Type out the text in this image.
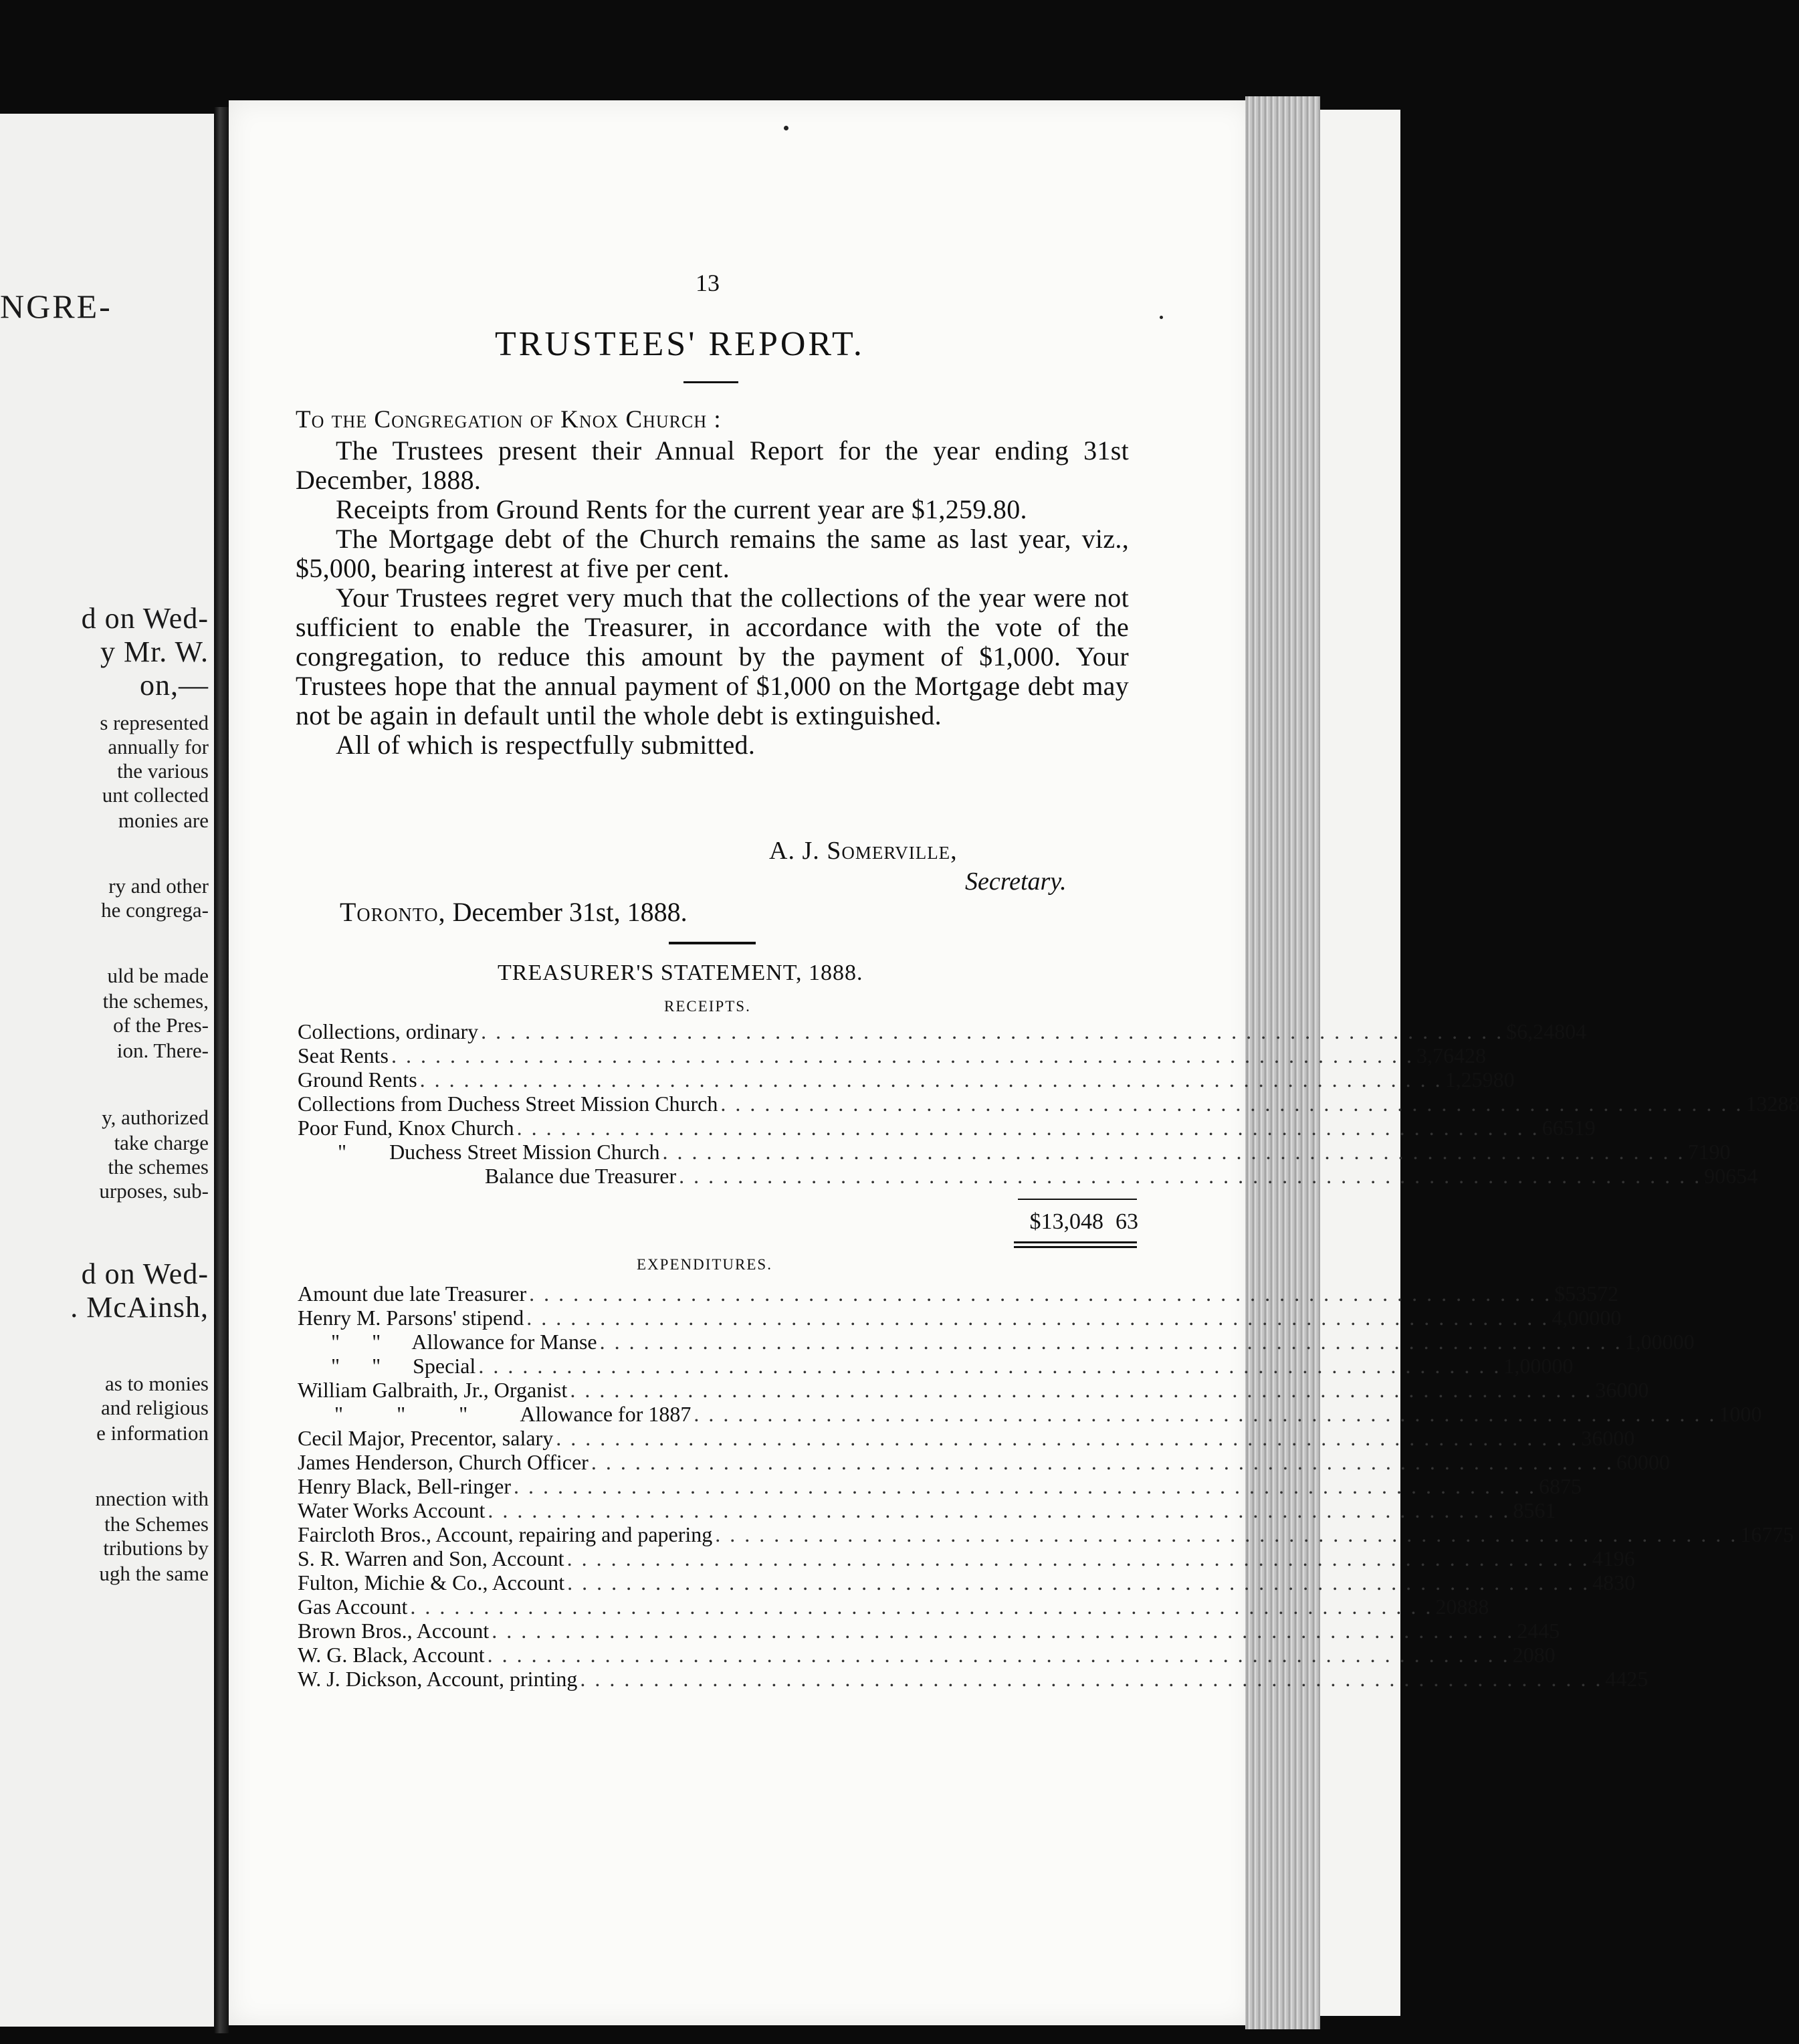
NGRE-
d on Wed-
y Mr. W.
on,—
s represented
annually for
the various
unt collected
monies are
ry and other
he congrega-
uld be made
the schemes,
of the Pres-
ion. There-
y, authorized
take charge
the schemes
urposes, sub-
d on Wed-
. McAinsh,
as to monies
and religious
e information
nnection with
the Schemes
tributions by
ugh the same
13
TRUSTEES' REPORT.
To the Congregation of Knox Church :

The Trustees present their Annual Report for the year ending 31st December, 1888.

Receipts from Ground Rents for the current year are $1,259.80.

The Mortgage debt of the Church remains the same as last year, viz., $5,000, bearing interest at five per cent.

Your Trustees regret very much that the collections of the year were not sufficient to enable the Treasurer, in accordance with the vote of the congregation, to reduce this amount by the payment of $1,000. Your Trustees hope that the annual payment of $1,000 on the Mortgage debt may not be again in default until the whole debt is extinguished.

All of which is respectfully submitted.

A. J. Somerville,
Secretary.
Toronto, December 31st, 1888.
TREASURER'S STATEMENT, 1888.
RECEIPTS.
Collections, ordinary . . . . . . . . . . . . . . . . . . . . . . . . . . . . . . . . . . . . . . . . . . . . . . . . . . . . . . . . . . . . . . . . . . . . . . $6,248 04
Seat Rents . . . . . . . . . . . . . . . . . . . . . . . . . . . . . . . . . . . . . . . . . . . . . . . . . . . . . . . . . . . . . . . . . . . . . . 3,764 28
Ground Rents . . . . . . . . . . . . . . . . . . . . . . . . . . . . . . . . . . . . . . . . . . . . . . . . . . . . . . . . . . . . . . . . . . . . . . 1,259 80
Collections from Duchess Street Mission Church . . . . . . . . . . . . . . . . . . . . . . . . . . . . . . . . . . . . . . . . . . . . . . . . . . . . . . . . . . . . . . . . . . . . . . 132 88
Poor Fund, Knox Church . . . . . . . . . . . . . . . . . . . . . . . . . . . . . . . . . . . . . . . . . . . . . . . . . . . . . . . . . . . . . . . . . . . . . . 665 19
"        Duchess Street Mission Church . . . . . . . . . . . . . . . . . . . . . . . . . . . . . . . . . . . . . . . . . . . . . . . . . . . . . . . . . . . . . . . . . . . . . . 71 90
Balance due Treasurer . . . . . . . . . . . . . . . . . . . . . . . . . . . . . . . . . . . . . . . . . . . . . . . . . . . . . . . . . . . . . . . . . . . . . . 906 54
$13,048 63
EXPENDITURES.
Amount due late Treasurer . . . . . . . . . . . . . . . . . . . . . . . . . . . . . . . . . . . . . . . . . . . . . . . . . . . . . . . . . . . . . . . . . . . . . . $535 72
Henry M. Parsons' stipend . . . . . . . . . . . . . . . . . . . . . . . . . . . . . . . . . . . . . . . . . . . . . . . . . . . . . . . . . . . . . . . . . . . . . . 4,000 00
"      "      Allowance for Manse . . . . . . . . . . . . . . . . . . . . . . . . . . . . . . . . . . . . . . . . . . . . . . . . . . . . . . . . . . . . . . . . . . . . . . 1,000 00
"      "      Special . . . . . . . . . . . . . . . . . . . . . . . . . . . . . . . . . . . . . . . . . . . . . . . . . . . . . . . . . . . . . . . . . . . . . . 1,000 00
William Galbraith, Jr., Organist . . . . . . . . . . . . . . . . . . . . . . . . . . . . . . . . . . . . . . . . . . . . . . . . . . . . . . . . . . . . . . . . . . . . . . 360 00
"          "          "          Allowance for 1887 . . . . . . . . . . . . . . . . . . . . . . . . . . . . . . . . . . . . . . . . . . . . . . . . . . . . . . . . . . . . . . . . . . . . . . 10 00
Cecil Major, Precentor, salary . . . . . . . . . . . . . . . . . . . . . . . . . . . . . . . . . . . . . . . . . . . . . . . . . . . . . . . . . . . . . . . . . . . . . . 360 00
James Henderson, Church Officer . . . . . . . . . . . . . . . . . . . . . . . . . . . . . . . . . . . . . . . . . . . . . . . . . . . . . . . . . . . . . . . . . . . . . . 600 00
Henry Black, Bell-ringer . . . . . . . . . . . . . . . . . . . . . . . . . . . . . . . . . . . . . . . . . . . . . . . . . . . . . . . . . . . . . . . . . . . . . . 68 75
Water Works Account . . . . . . . . . . . . . . . . . . . . . . . . . . . . . . . . . . . . . . . . . . . . . . . . . . . . . . . . . . . . . . . . . . . . . . 85 61
Faircloth Bros., Account, repairing and papering . . . . . . . . . . . . . . . . . . . . . . . . . . . . . . . . . . . . . . . . . . . . . . . . . . . . . . . . . . . . . . . . . . . . . . 167 75
S. R. Warren and Son, Account . . . . . . . . . . . . . . . . . . . . . . . . . . . . . . . . . . . . . . . . . . . . . . . . . . . . . . . . . . . . . . . . . . . . . . 41 96
Fulton, Michie & Co., Account . . . . . . . . . . . . . . . . . . . . . . . . . . . . . . . . . . . . . . . . . . . . . . . . . . . . . . . . . . . . . . . . . . . . . . 48 30
Gas Account . . . . . . . . . . . . . . . . . . . . . . . . . . . . . . . . . . . . . . . . . . . . . . . . . . . . . . . . . . . . . . . . . . . . . . 208 88
Brown Bros., Account . . . . . . . . . . . . . . . . . . . . . . . . . . . . . . . . . . . . . . . . . . . . . . . . . . . . . . . . . . . . . . . . . . . . . . 24 45
W. G. Black, Account . . . . . . . . . . . . . . . . . . . . . . . . . . . . . . . . . . . . . . . . . . . . . . . . . . . . . . . . . . . . . . . . . . . . . . 20 80
W. J. Dickson, Account, printing . . . . . . . . . . . . . . . . . . . . . . . . . . . . . . . . . . . . . . . . . . . . . . . . . . . . . . . . . . . . . . . . . . . . . . 44 25
